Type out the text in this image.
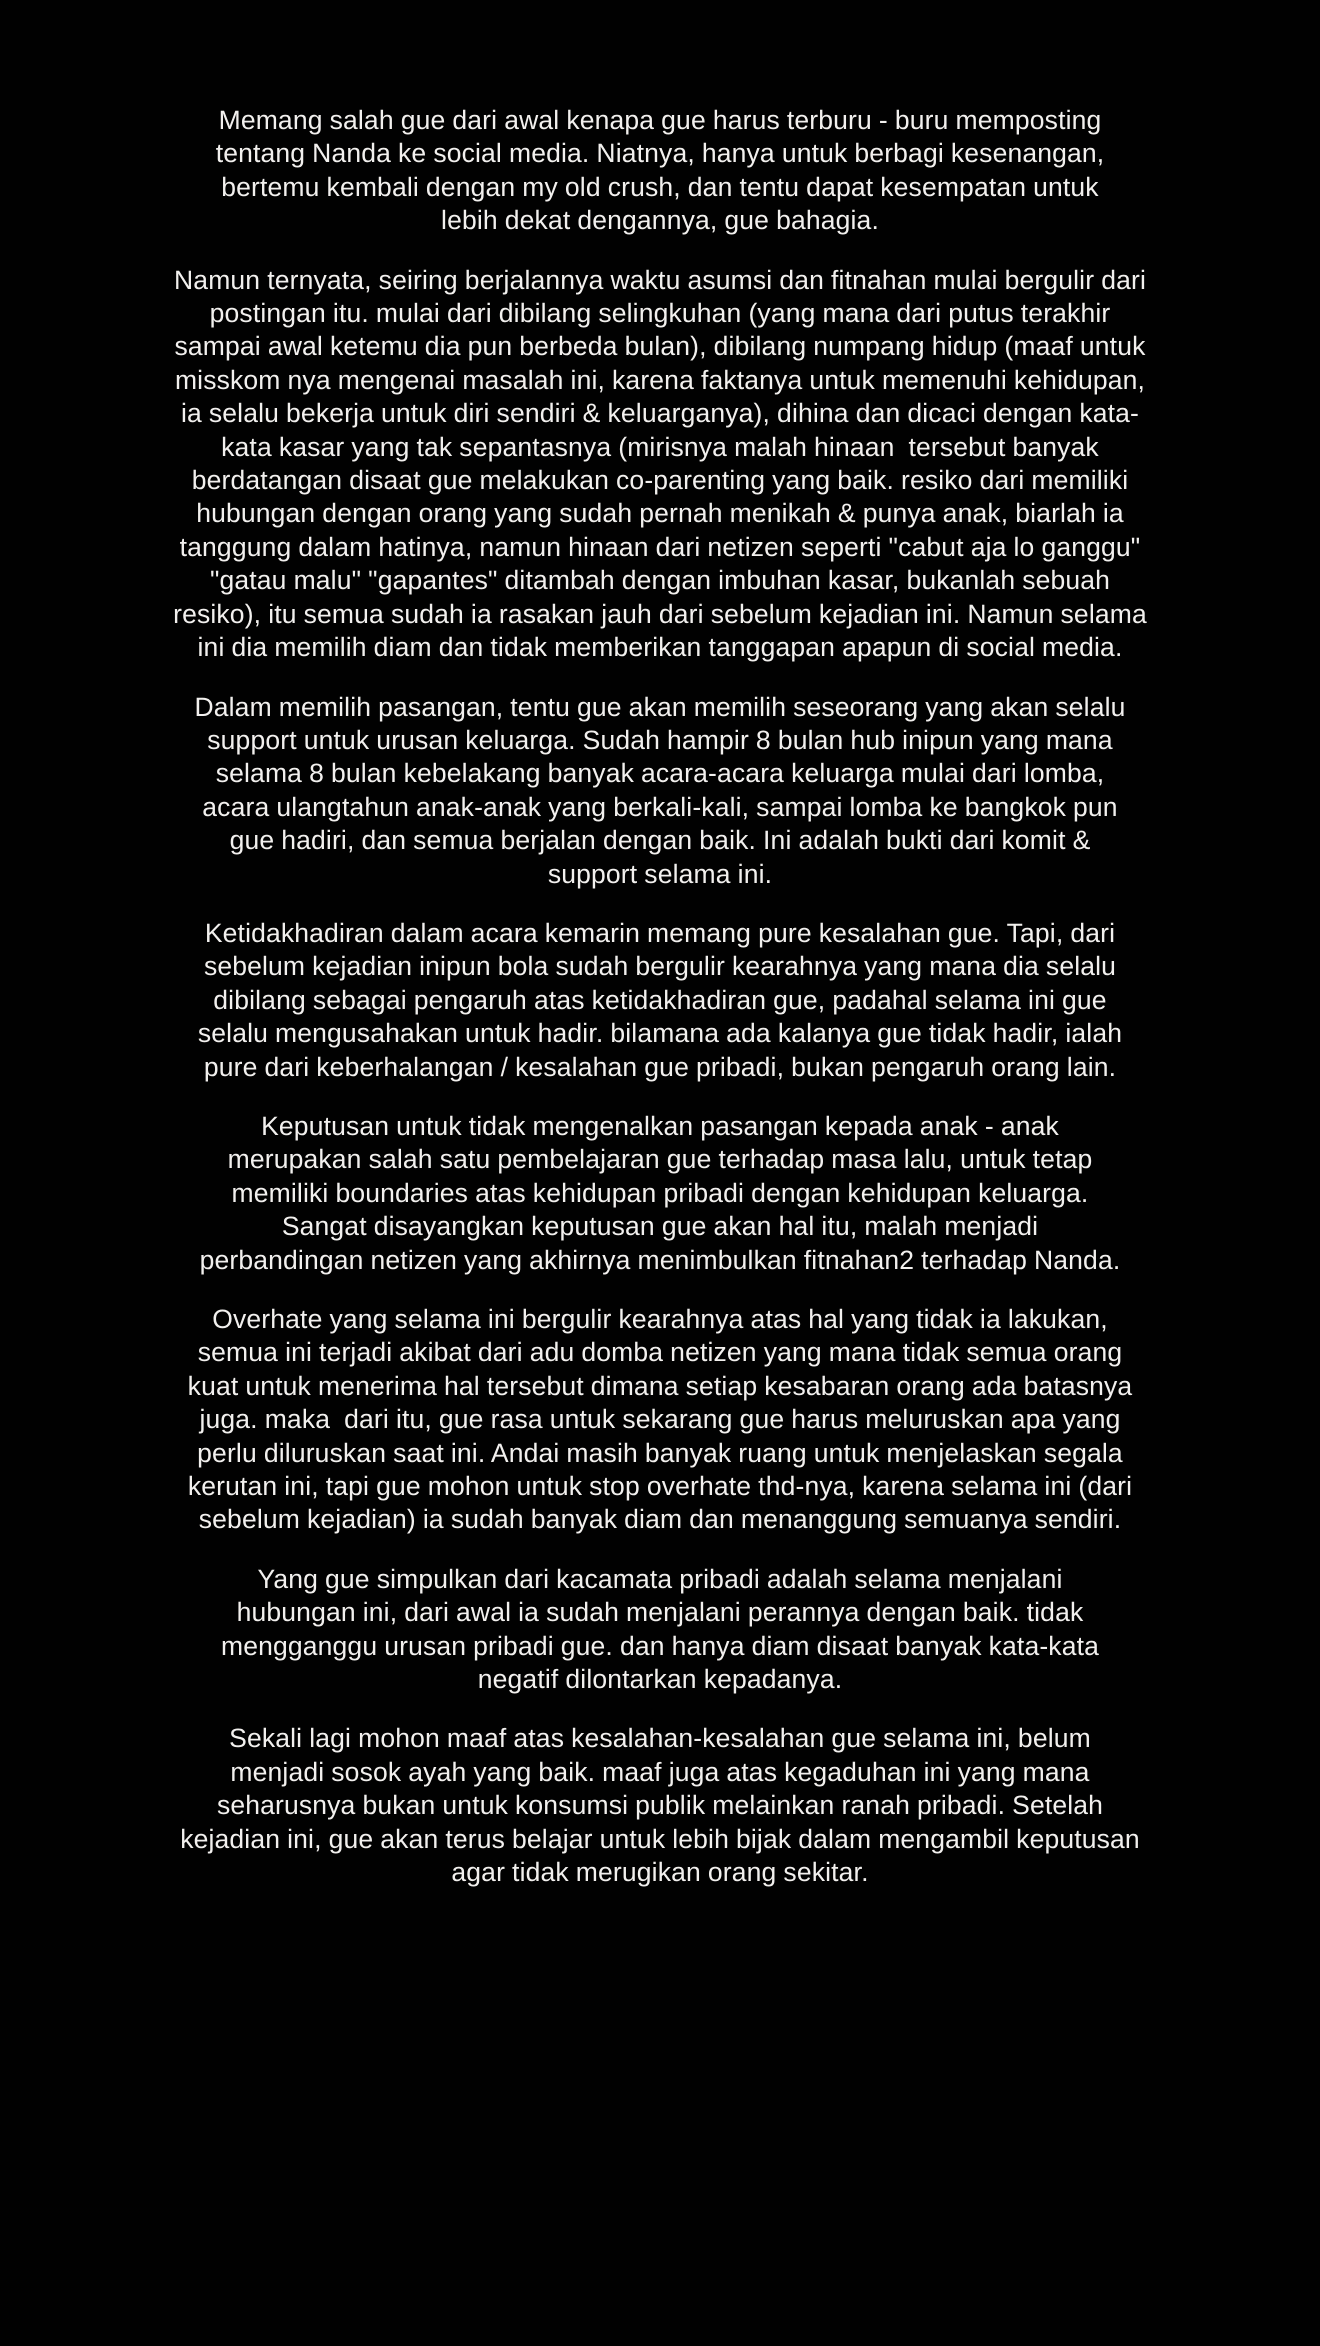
Memang salah gue dari awal kenapa gue harus terburu - buru memposting tentang Nanda ke social media. Niatnya, hanya untuk berbagi kesenangan, bertemu kembali dengan my old crush, dan tentu dapat kesempatan untuk lebih dekat dengannya, gue bahagia.

Namun ternyata, seiring berjalannya waktu asumsi dan fitnahan mulai bergulir dari postingan itu. mulai dari dibilang selingkuhan (yang mana dari putus terakhir sampai awal ketemu dia pun berbeda bulan), dibilang numpang hidup (maaf untuk misskom nya mengenai masalah ini, karena faktanya untuk memenuhi kehidupan, ia selalu bekerja untuk diri sendiri & keluarganya), dihina dan dicaci dengan kata-kata kasar yang tak sepantasnya (mirisnya malah hinaan  tersebut banyak berdatangan disaat gue melakukan co-parenting yang baik. resiko dari memiliki hubungan dengan orang yang sudah pernah menikah & punya anak, biarlah ia tanggung dalam hatinya, namun hinaan dari netizen seperti "cabut aja lo ganggu" "gatau malu" "gapantes" ditambah dengan imbuhan kasar, bukanlah sebuah resiko), itu semua sudah ia rasakan jauh dari sebelum kejadian ini. Namun selama ini dia memilih diam dan tidak memberikan tanggapan apapun di social media.

Dalam memilih pasangan, tentu gue akan memilih seseorang yang akan selalu support untuk urusan keluarga. Sudah hampir 8 bulan hub inipun yang mana selama 8 bulan kebelakang banyak acara-acara keluarga mulai dari lomba, acara ulangtahun anak-anak yang berkali-kali, sampai lomba ke bangkok pun gue hadiri, dan semua berjalan dengan baik. Ini adalah bukti dari komit & support selama ini.

Ketidakhadiran dalam acara kemarin memang pure kesalahan gue. Tapi, dari sebelum kejadian inipun bola sudah bergulir kearahnya yang mana dia selalu dibilang sebagai pengaruh atas ketidakhadiran gue, padahal selama ini gue selalu mengusahakan untuk hadir. bilamana ada kalanya gue tidak hadir, ialah pure dari keberhalangan / kesalahan gue pribadi, bukan pengaruh orang lain.

Keputusan untuk tidak mengenalkan pasangan kepada anak - anak merupakan salah satu pembelajaran gue terhadap masa lalu, untuk tetap memiliki boundaries atas kehidupan pribadi dengan kehidupan keluarga. Sangat disayangkan keputusan gue akan hal itu, malah menjadi perbandingan netizen yang akhirnya menimbulkan fitnahan2 terhadap Nanda.

Overhate yang selama ini bergulir kearahnya atas hal yang tidak ia lakukan, semua ini terjadi akibat dari adu domba netizen yang mana tidak semua orang kuat untuk menerima hal tersebut dimana setiap kesabaran orang ada batasnya juga. maka  dari itu, gue rasa untuk sekarang gue harus meluruskan apa yang perlu diluruskan saat ini. Andai masih banyak ruang untuk menjelaskan segala kerutan ini, tapi gue mohon untuk stop overhate thd-nya, karena selama ini (dari sebelum kejadian) ia sudah banyak diam dan menanggung semuanya sendiri.

Yang gue simpulkan dari kacamata pribadi adalah selama menjalani hubungan ini, dari awal ia sudah menjalani perannya dengan baik. tidak mengganggu urusan pribadi gue. dan hanya diam disaat banyak kata-kata negatif dilontarkan kepadanya.

Sekali lagi mohon maaf atas kesalahan-kesalahan gue selama ini, belum menjadi sosok ayah yang baik. maaf juga atas kegaduhan ini yang mana seharusnya bukan untuk konsumsi publik melainkan ranah pribadi. Setelah kejadian ini, gue akan terus belajar untuk lebih bijak dalam mengambil keputusan agar tidak merugikan orang sekitar.
